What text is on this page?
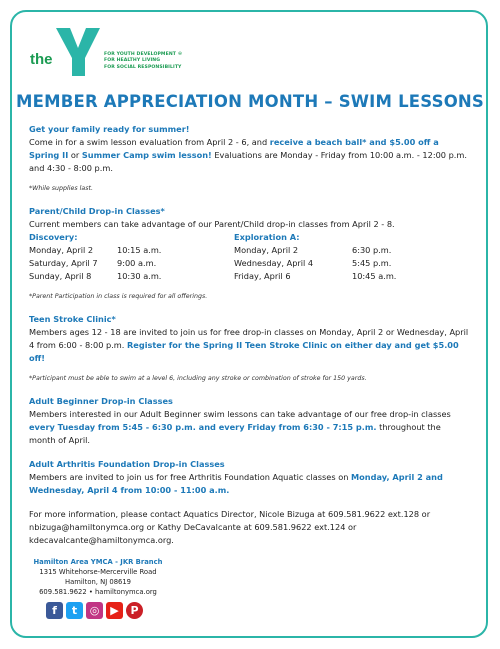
the	YMCA
FOR YOUTH DEVELOPMENT ®
FOR HEALTHY LIVING
FOR SOCIAL RESPONSIBILITY
MEMBER APPRECIATION MONTH – SWIM LESSONS

Get your family ready for summer!

Come in for a swim lesson evaluation from April 2 - 6, and receive a beach ball* and $5.00 off a Spring II or Summer Camp swim lesson! Evaluations are Monday - Friday from 10:00 a.m. - 12:00 p.m. and 4:30 - 8:00 p.m.

*While supplies last.

Parent/Child Drop-in Classes*

Current members can take advantage of our Parent/Child drop-in classes from April 2 - 8.

Discovery:
Monday, April 2	10:15 a.m.
Saturday, April 7	9:00 a.m.
Sunday, April 8	10:30 a.m.
Exploration A:
Monday, April 2	6:30 p.m.
Wednesday, April 4	5:45 p.m.
Friday, April 6	10:45 a.m.

*Parent Participation in class is required for all offerings.

Teen Stroke Clinic*

Members ages 12 - 18 are invited to join us for free drop-in classes on Monday, April 2 or Wednesday, April 4 from 6:00 - 8:00 p.m. Register for the Spring II Teen Stroke Clinic on either day and get $5.00 off!

*Participant must be able to swim at a level 6, including any stroke or combination of stroke for 150 yards.

Adult Beginner Drop-in Classes

Members interested in our Adult Beginner swim lessons can take advantage of our free drop-in classes every Tuesday from 5:45 - 6:30 p.m. and every Friday from 6:30 - 7:15 p.m. throughout the month of April.

Adult Arthritis Foundation Drop-in Classes

Members are invited to join us for free Arthritis Foundation Aquatic classes on Monday, April 2 and Wednesday, April 4 from 10:00 - 11:00 a.m.

For more information, please contact Aquatics Director, Nicole Bizuga at 609.581.9622 ext.128 or nbizuga@hamiltonymca.org or Kathy DeCavalcante at 609.581.9622 ext.124 or kdecavalcante@hamiltonymca.org.

Hamilton Area YMCA - JKR Branch
1315 Whitehorse-Mercerville Road
Hamilton, NJ 08619
609.581.9622 • hamiltonymca.org
f	t	◎ ▶	P
